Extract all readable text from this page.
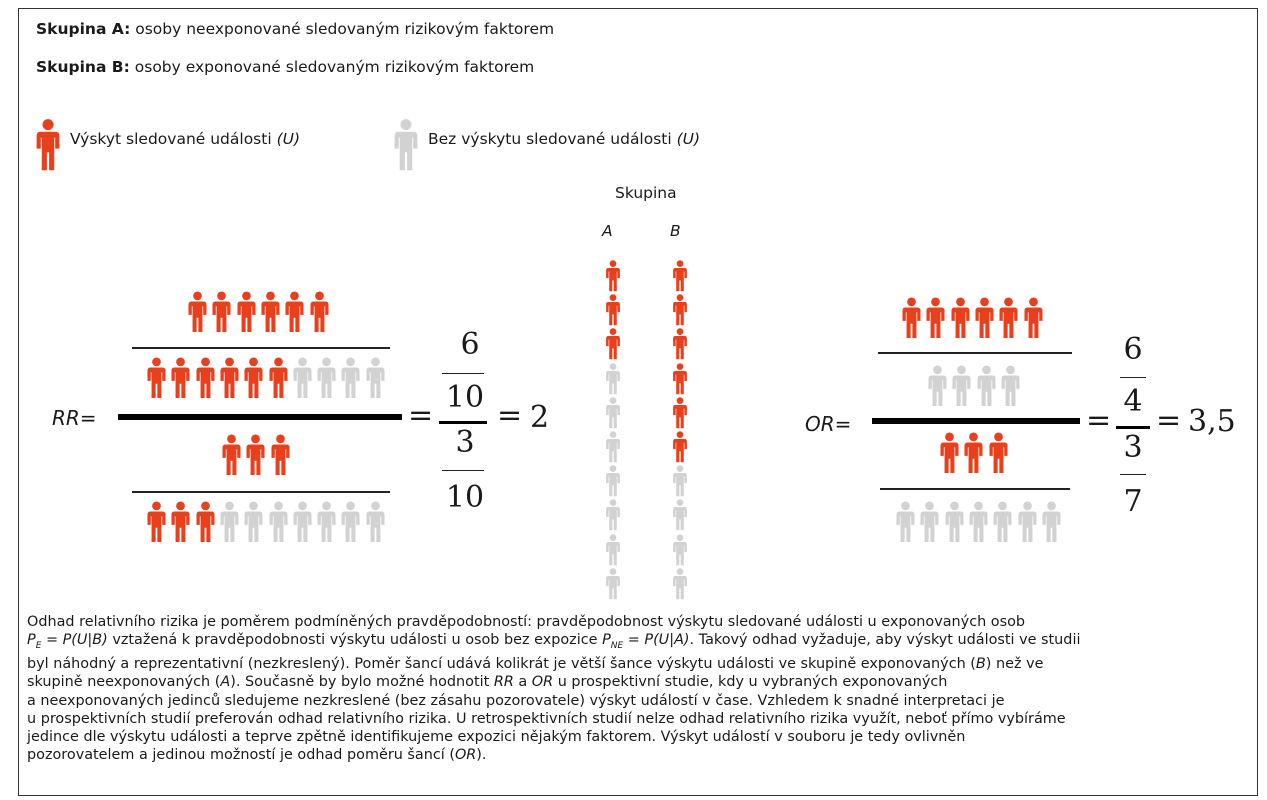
Skupina A: osoby neexponované sledovaným rizikovým faktorem
Skupina B: osoby exponované sledovaným rizikovým faktorem
Výskyt sledované události (U)	Bez výskytu sledované události (U)
RR=	=
6
10
3
10
= 2
Skupina
A	B
OR=	=
6
4
3
7
= 3,5
Odhad relativního rizika je poměrem podmíněných pravděpodobností: pravděpodobnost výskytu sledované události u exponovaných osob
$P_E = P(U|B)$ vztažená k pravděpodobnosti výskytu události u osob bez expozice $P_{NE} = P(U|A)$. Takový odhad vyžaduje, aby výskyt události ve studii
byl náhodný a reprezentativní (nezkreslený). Poměr šancí udává kolikrát je větší šance výskytu události ve skupině exponovaných (B) než ve
skupině neexponovaných (A). Současně by bylo možné hodnotit RR a OR u prospektivní studie, kdy u vybraných exponovaných
a neexponovaných jedinců sledujeme nezkreslené (bez zásahu pozorovatele) výskyt událostí v čase. Vzhledem k snadné interpretaci je
u prospektivních studií preferován odhad relativního rizika. U retrospektivních studií nelze odhad relativního rizika využít, neboť přímo vybíráme
jedince dle výskytu události a teprve zpětně identifikujeme expozici nějakým faktorem. Výskyt událostí v souboru je tedy ovlivněn
pozorovatelem a jedinou možností je odhad poměru šancí (OR).
